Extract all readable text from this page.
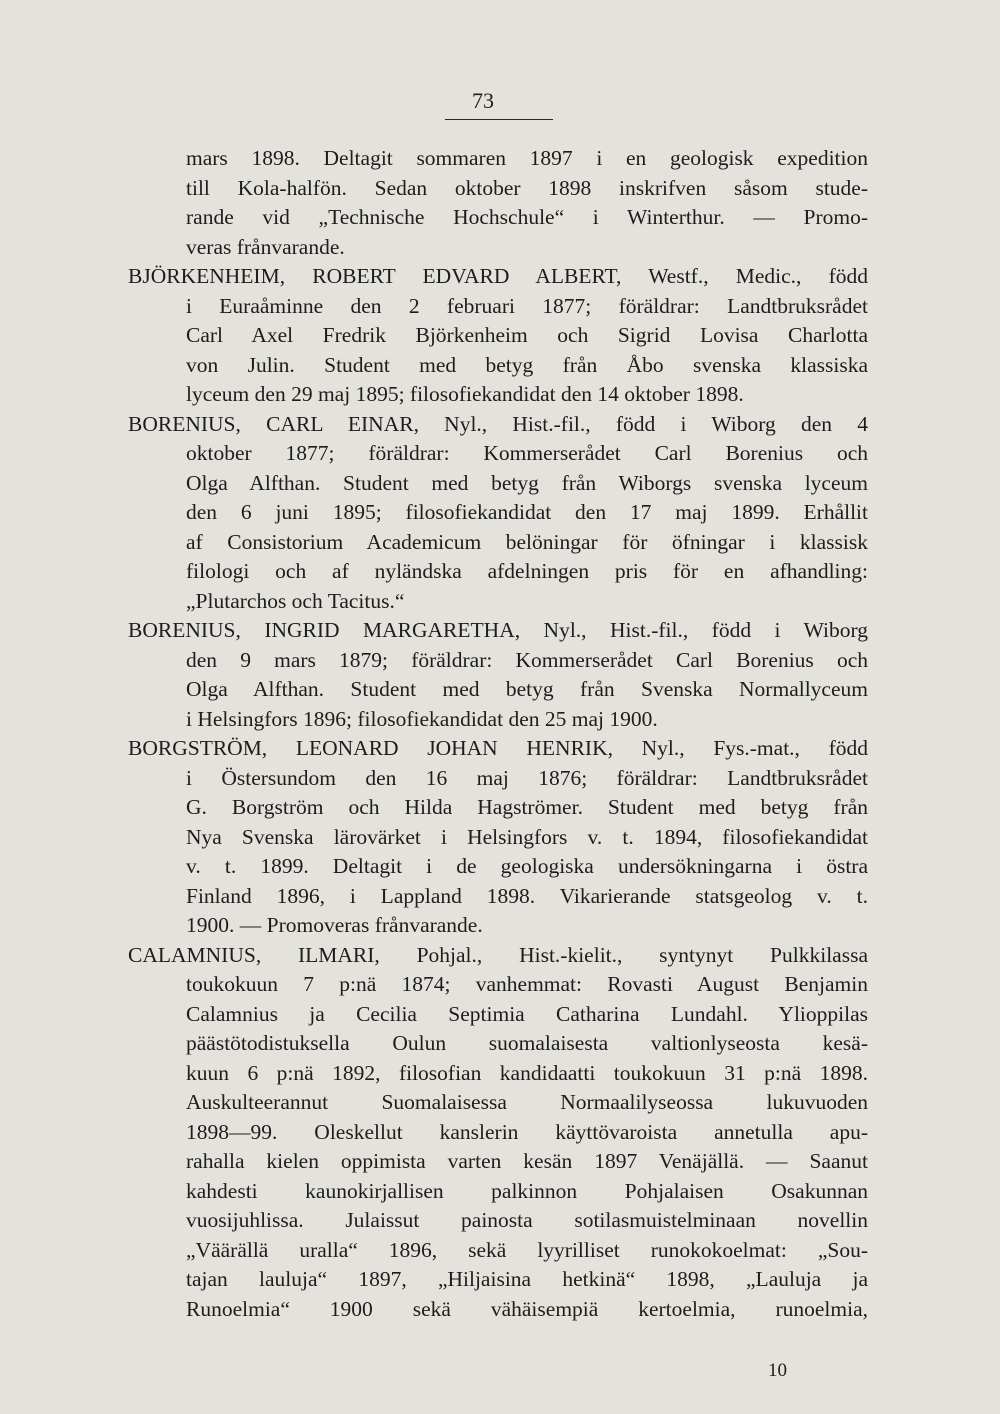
73
mars 1898. Deltagit sommaren 1897 i en geologisk expedition
till Kola-halfön. Sedan oktober 1898 inskrifven såsom stude-
rande vid „Technische Hochschule“ i Winterthur. — Promo-
veras frånvarande.
BJÖRKENHEIM, ROBERT EDVARD ALBERT, Westf., Medic., född
i Euraåminne den 2 februari 1877; föräldrar: Landtbruksrådet
Carl Axel Fredrik Björkenheim och Sigrid Lovisa Charlotta
von Julin. Student med betyg från Åbo svenska klassiska
lyceum den 29 maj 1895; filosofiekandidat den 14 oktober 1898.
BORENIUS, CARL EINAR, Nyl., Hist.-fil., född i Wiborg den 4
oktober 1877; föräldrar: Kommerserådet Carl Borenius och
Olga Alfthan. Student med betyg från Wiborgs svenska lyceum
den 6 juni 1895; filosofiekandidat den 17 maj 1899. Erhållit
af Consistorium Academicum belöningar för öfningar i klassisk
filologi och af nyländska afdelningen pris för en afhandling:
„Plutarchos och Tacitus.“
BORENIUS, INGRID MARGARETHA, Nyl., Hist.-fil., född i Wiborg
den 9 mars 1879; föräldrar: Kommerserådet Carl Borenius och
Olga Alfthan. Student med betyg från Svenska Normallyceum
i Helsingfors 1896; filosofiekandidat den 25 maj 1900.
BORGSTRÖM, LEONARD JOHAN HENRIK, Nyl., Fys.-mat., född
i Östersundom den 16 maj 1876; föräldrar: Landtbruksrådet
G. Borgström och Hilda Hagströmer. Student med betyg från
Nya Svenska lärovärket i Helsingfors v. t. 1894, filosofiekandidat
v. t. 1899. Deltagit i de geologiska undersökningarna i östra
Finland 1896, i Lappland 1898. Vikarierande statsgeolog v. t.
1900. — Promoveras frånvarande.
CALAMNIUS, ILMARI, Pohjal., Hist.-kielit., syntynyt Pulkkilassa
toukokuun 7 p:nä 1874; vanhemmat: Rovasti August Benjamin
Calamnius ja Cecilia Septimia Catharina Lundahl. Ylioppilas
päästötodistuksella Oulun suomalaisesta valtionlyseosta kesä-
kuun 6 p:nä 1892, filosofian kandidaatti toukokuun 31 p:nä 1898.
Auskulteerannut Suomalaisessa Normaalilyseossa lukuvuoden
1898—99. Oleskellut kanslerin käyttövaroista annetulla apu-
rahalla kielen oppimista varten kesän 1897 Venäjällä. — Saanut
kahdesti kaunokirjallisen palkinnon Pohjalaisen Osakunnan
vuosijuhlissa. Julaissut painosta sotilasmuistelminaan novellin
„Väärällä uralla“ 1896, sekä lyyrilliset runokokoelmat: „Sou-
tajan lauluja“ 1897, „Hiljaisina hetkinä“ 1898, „Lauluja ja
Runoelmia“ 1900 sekä vähäisempiä kertoelmia, runoelmia,
10
